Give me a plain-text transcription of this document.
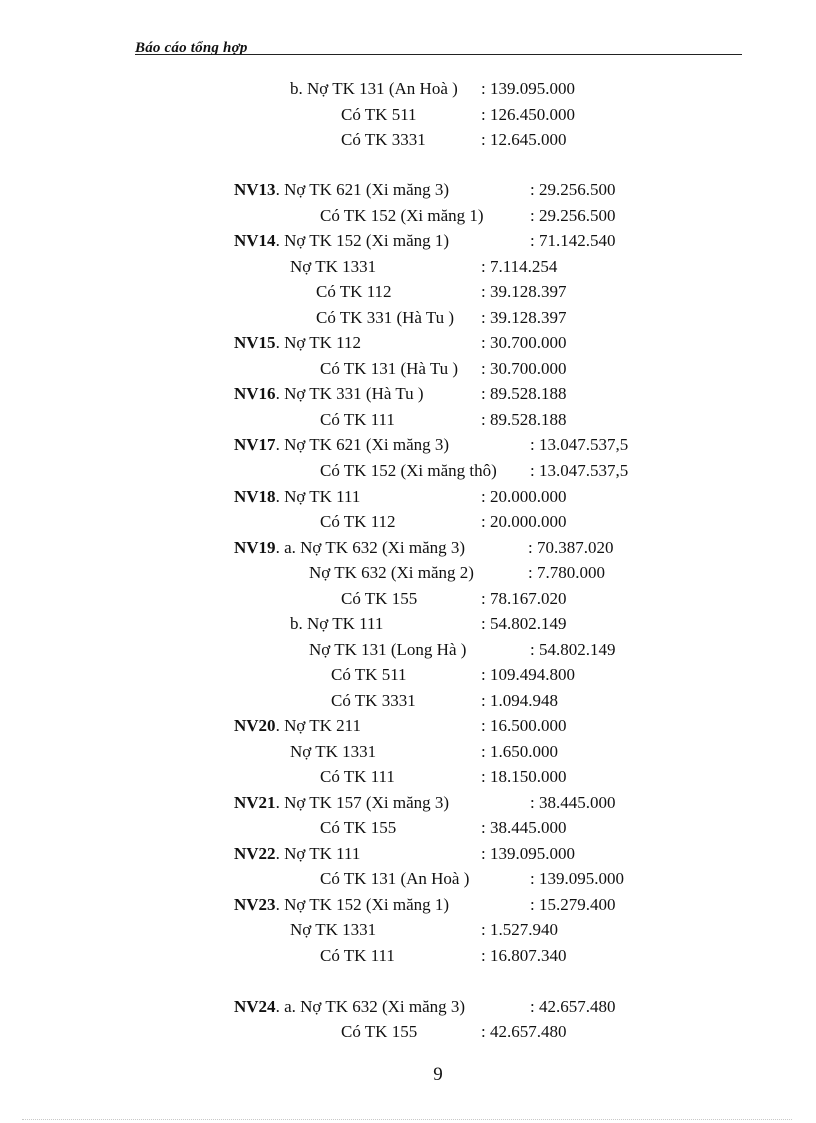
Báo cáo tổng hợp
b. Nợ TK 131 (An Hoà ) : 139.095.000
Có TK 511	: 126.450.000
Có TK 3331	: 12.645.000
NV13 . Nợ TK 621 (Xi măng 3)	: 29.256.500
Có TK 152 (Xi măng 1)	: 29.256.500
NV14 . Nợ TK 152 (Xi măng 1)	: 71.142.540
Nợ TK 1331	: 7.114.254
Có TK 112	: 39.128.397
Có TK 331 (Hà Tu ) : 39.128.397
NV15 . Nợ TK 112	: 30.700.000
Có TK 131 (Hà Tu ) : 30.700.000
NV16 . Nợ TK 331 (Hà Tu )	: 89.528.188
Có TK 111	: 89.528.188
NV17 . Nợ TK 621 (Xi măng 3)	: 13.047.537,5
Có TK 152 (Xi măng thô) : 13.047.537,5
NV18 . Nợ TK 111	: 20.000.000
Có TK 112	: 20.000.000
NV19 . a. Nợ TK 632 (Xi măng 3)	: 70.387.020
Nợ TK 632 (Xi măng 2)	: 7.780.000
Có TK 155	: 78.167.020
b. Nợ TK 111	: 54.802.149
Nợ TK 131 (Long Hà )	: 54.802.149
Có TK 511	: 109.494.800
Có TK 3331	: 1.094.948
NV20 . Nợ TK 211	: 16.500.000
Nợ TK 1331	: 1.650.000
Có TK 111	: 18.150.000
NV21 . Nợ TK 157 (Xi măng 3)	: 38.445.000
Có TK 155	: 38.445.000
NV22 . Nợ TK 111	: 139.095.000
Có TK 131 (An Hoà )	: 139.095.000
NV23 . Nợ TK 152 (Xi măng 1)	: 15.279.400
Nợ TK 1331	: 1.527.940
Có TK 111	: 16.807.340
NV24 . a. Nợ TK 632 (Xi măng 3)	: 42.657.480
Có TK 155	: 42.657.480
9
